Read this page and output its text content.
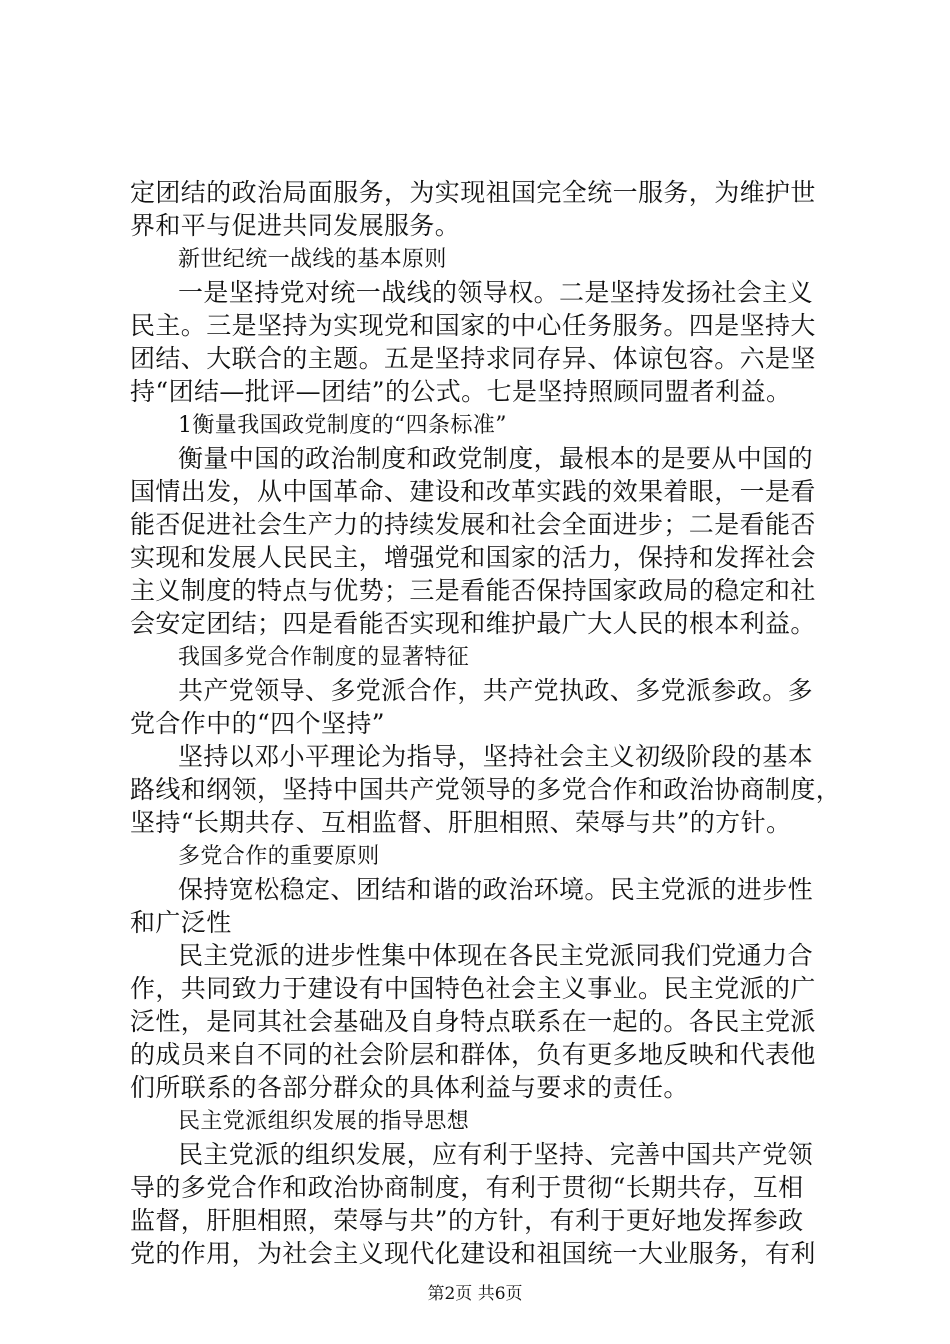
定团结的政治局面服务，为实现祖国完全统一服务，为维护世
界和平与促进共同发展服务。
新世纪统一战线的基本原则
一是坚持党对统一战线的领导权。二是坚持发扬社会主义
民主。三是坚持为实现党和国家的中心任务服务。四是坚持大
团结、大联合的主题。五是坚持求同存异、体谅包容。六是坚
持“团结—批评—团结”的公式。七是坚持照顾同盟者利益。
1衡量我国政党制度的“四条标准”
衡量中国的政治制度和政党制度，最根本的是要从中国的
国情出发，从中国革命、建设和改革实践的效果着眼，一是看
能否促进社会生产力的持续发展和社会全面进步；二是看能否
实现和发展人民民主，增强党和国家的活力，保持和发挥社会
主义制度的特点与优势；三是看能否保持国家政局的稳定和社
会安定团结；四是看能否实现和维护最广大人民的根本利益。
我国多党合作制度的显著特征
共产党领导、多党派合作，共产党执政、多党派参政。多
党合作中的“四个坚持”
坚持以邓小平理论为指导，坚持社会主义初级阶段的基本
路线和纲领，坚持中国共产党领导的多党合作和政治协商制度，
坚持“长期共存、互相监督、肝胆相照、荣辱与共”的方针。
多党合作的重要原则
保持宽松稳定、团结和谐的政治环境。民主党派的进步性
和广泛性
民主党派的进步性集中体现在各民主党派同我们党通力合
作，共同致力于建设有中国特色社会主义事业。民主党派的广
泛性，是同其社会基础及自身特点联系在一起的。各民主党派
的成员来自不同的社会阶层和群体，负有更多地反映和代表他
们所联系的各部分群众的具体利益与要求的责任。
民主党派组织发展的指导思想
民主党派的组织发展，应有利于坚持、完善中国共产党领
导的多党合作和政治协商制度，有利于贯彻“长期共存，互相
监督，肝胆相照，荣辱与共”的方针，有利于更好地发挥参政
党的作用，为社会主义现代化建设和祖国统一大业服务，有利
第2页 共6页
